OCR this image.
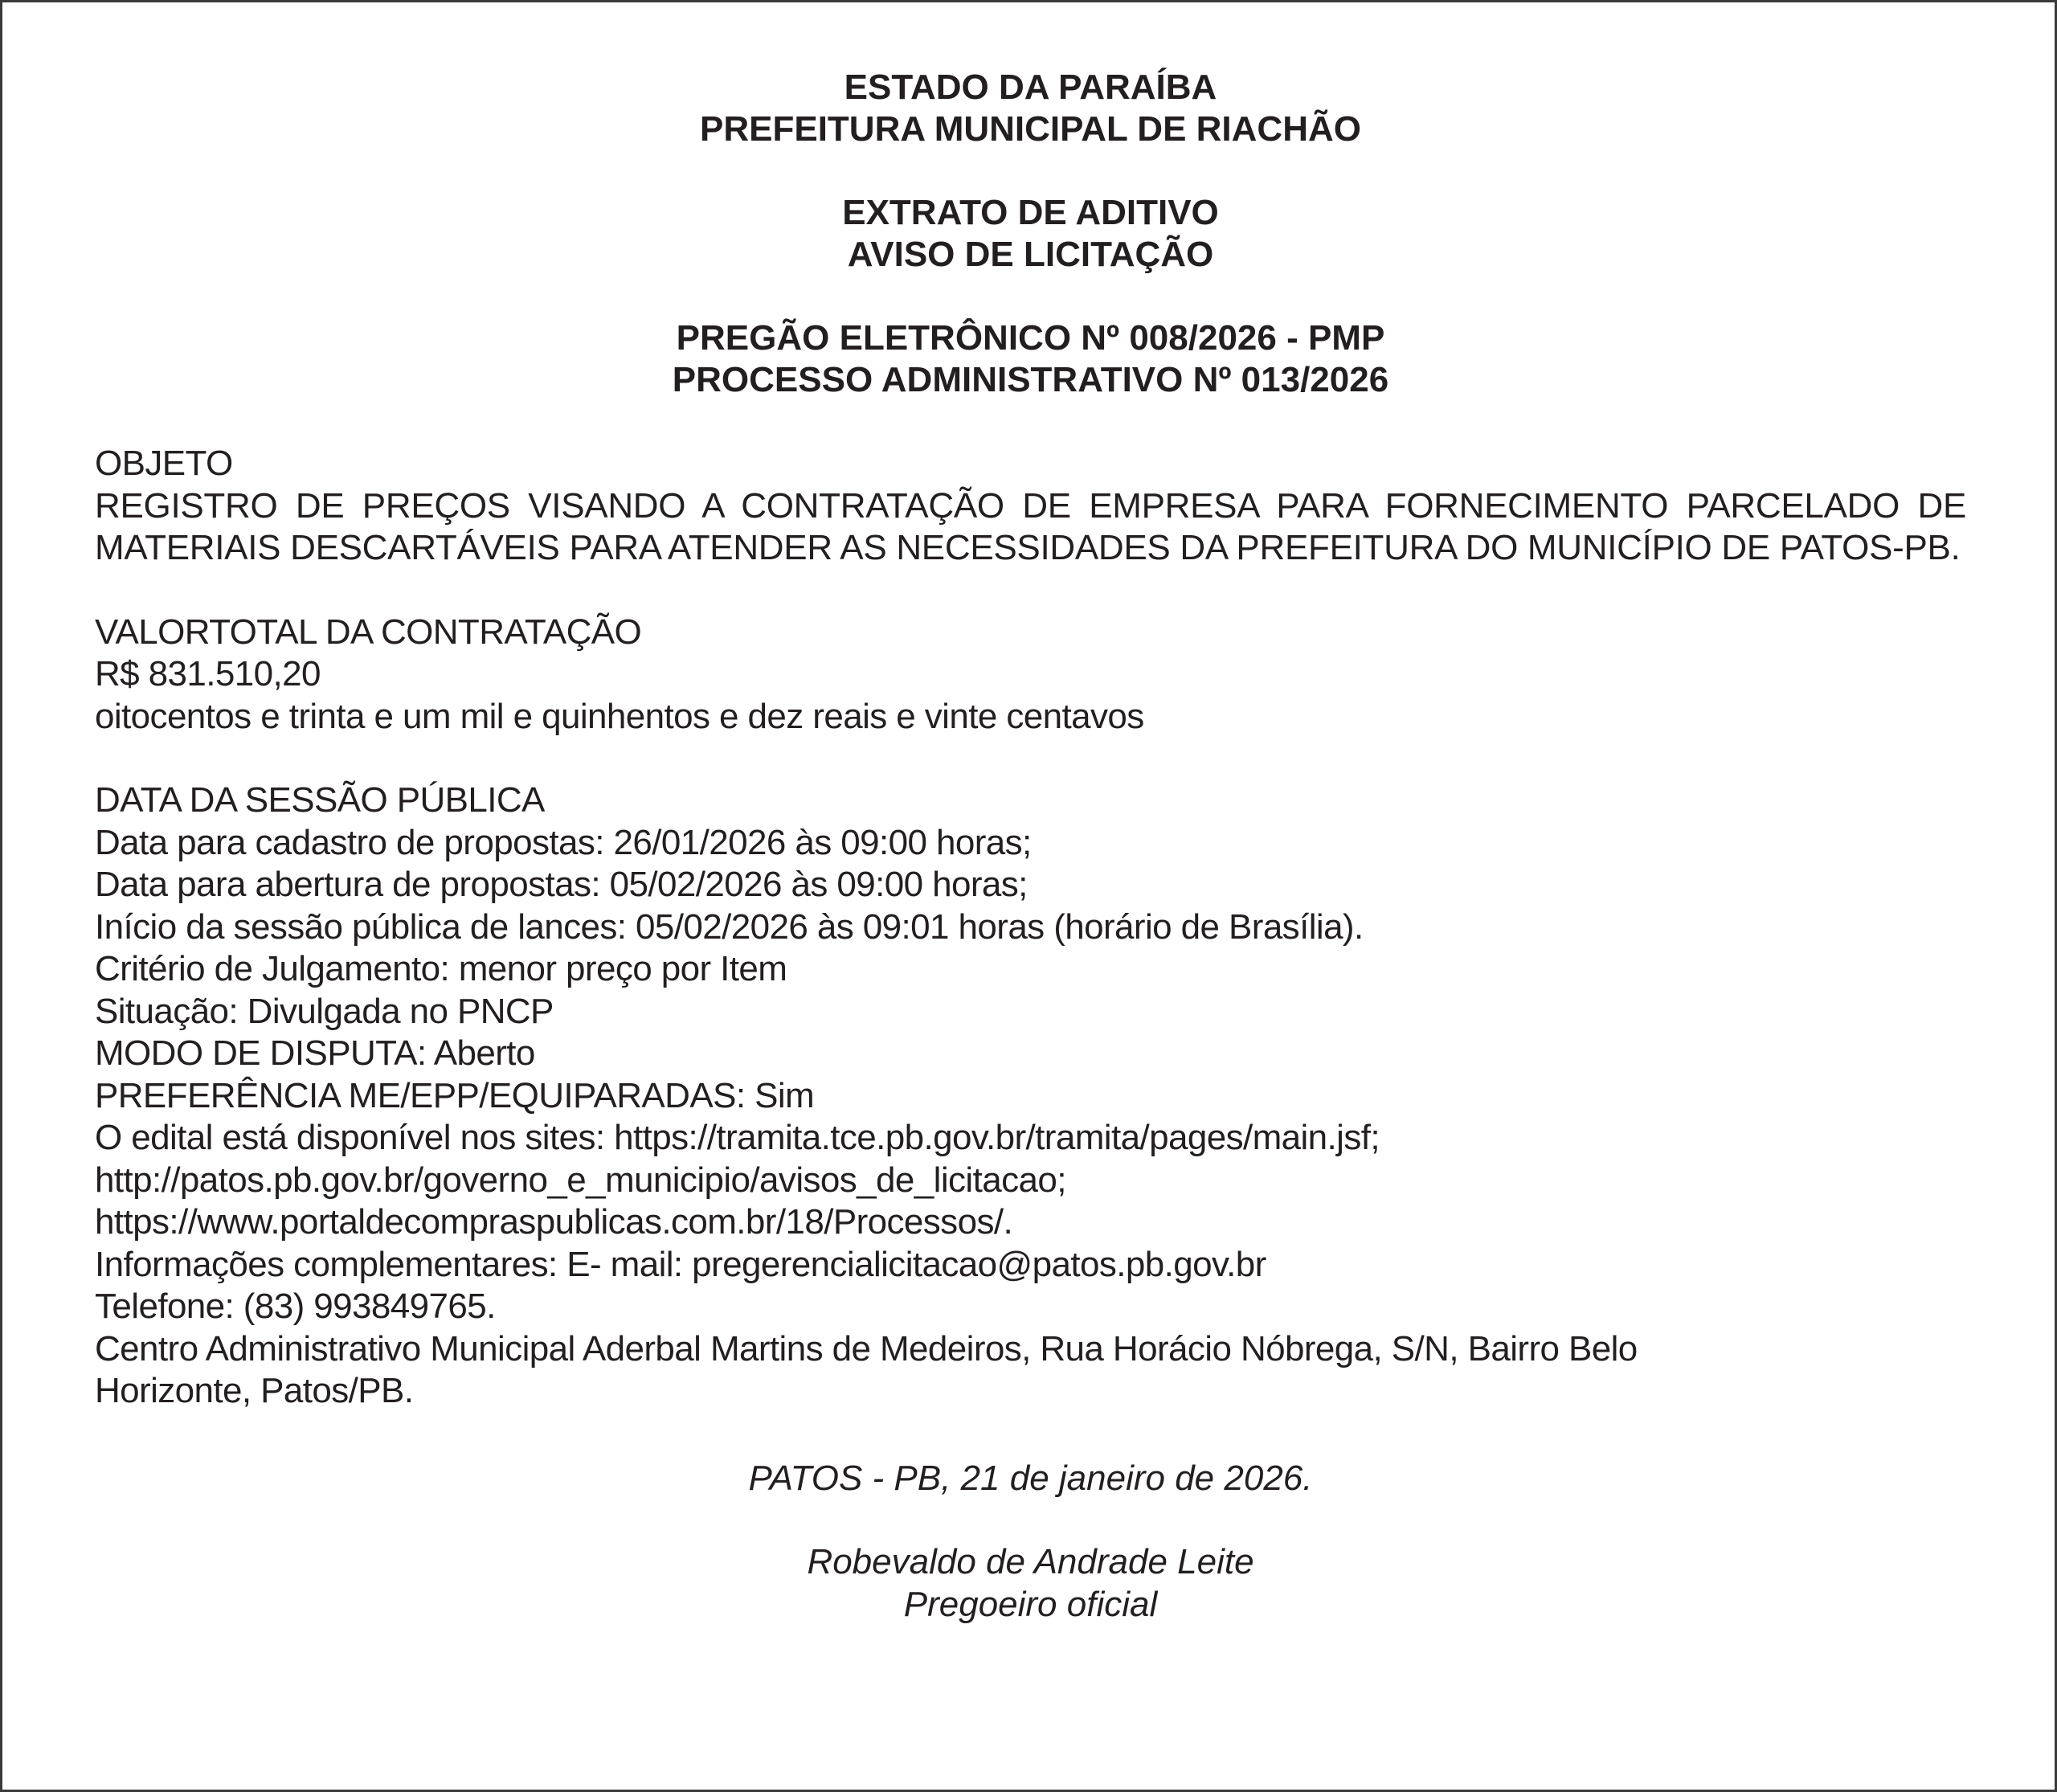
ESTADO DA PARAÍBA
PREFEITURA MUNICIPAL DE RIACHÃO
EXTRATO DE ADITIVO
AVISO DE LICITAÇÃO
PREGÃO ELETRÔNICO Nº 008/2026 - PMP
PROCESSO ADMINISTRATIVO Nº 013/2026
OBJETO
REGISTRO DE PREÇOS VISANDO A CONTRATAÇÃO DE EMPRESA PARA FORNECIMENTO PARCELADO DE MATERIAIS DESCARTÁVEIS PARA ATENDER AS NECESSIDADES DA PREFEITURA DO MUNICÍPIO DE PATOS-PB.
VALORTOTAL DA CONTRATAÇÃO
R$ 831.510,20
oitocentos e trinta e um mil e quinhentos e dez reais e vinte centavos
DATA DA SESSÃO PÚBLICA
Data para cadastro de propostas: 26/01/2026 às 09:00 horas;
Data para abertura de propostas: 05/02/2026 às 09:00 horas;
Início da sessão pública de lances: 05/02/2026 às 09:01 horas (horário de Brasília).
Critério de Julgamento: menor preço por Item
Situação: Divulgada no PNCP
MODO DE DISPUTA: Aberto
PREFERÊNCIA ME/EPP/EQUIPARADAS: Sim
O edital está disponível nos sites: https://tramita.tce.pb.gov.br/tramita/pages/main.jsf;
http://patos.pb.gov.br/governo_e_municipio/avisos_de_licitacao;
https://www.portaldecompraspublicas.com.br/18/Processos/.
Informações complementares: E- mail: pregerencialicitacao@patos.pb.gov.br
Telefone: (83) 993849765.
Centro Administrativo Municipal Aderbal Martins de Medeiros, Rua Horácio Nóbrega, S/N, Bairro Belo
Horizonte, Patos/PB.
PATOS - PB, 21 de janeiro de 2026.
Robevaldo de Andrade Leite
Pregoeiro oficial
